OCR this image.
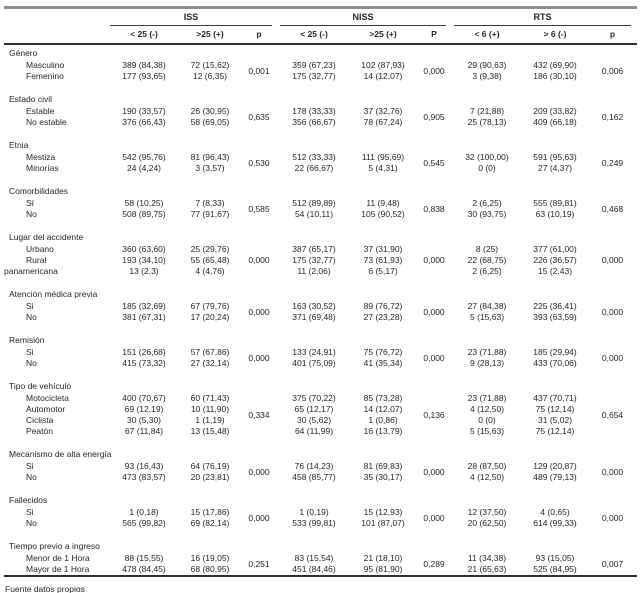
	ISS			NISS			RTS		

	< 25 (-)	>25 (+)	p	< 25 (-)	>25 (+)	P	< 6 (+)	> 6 (-)	p
Género									
Masculino	389 (84,38)	72 (15,62)	0,001	359 (67,23)	102 (87,93)	0,000	29 (90,63)	432 (69,90)	0,006
Femenino	177 (93,65)	12 (6,35)		175 (32,77)	14 (12,07)		3 (9,38)	186 (30,10)	
Estado civil									
Estable	190 (33,57)	26 (30,95)	0,635	178 (33,33)	37 (32,76)	0,905	7 (21,88)	209 (33,82)	0,162
No estable	376 (66,43)	58 (69,05)		356 (66,67)	78 (67,24)		25 (78,13)	409 (66,18)	
Etnia									
Mestiza	542 (95,76)	81 (96,43)	0,530	512 (33,33)	111 (95,69)	0,545	32 (100,00)	591 (95,63)	0,249
Minorías	24 (4,24)	3 (3,57)		22 (66,67)	5 (4,31)		0 (0)	27 (4,37)	
Comorbilidades									
Sí	58 (10,25)	7 (8,33)	0,585	512 (89,89)	11 (9,48)	0,838	2 (6,25)	555 (89,81)	0,468
No	508 (89,75)	77 (91,67)		54 (10,11)	105 (90,52)		30 (93,75)	63 (10,19)	
Lugar del accidente									
Urbano	360 (63,60)	25 (29,76)	0,000	387 (65,17)	37 (31,90)	0,000	8 (25)	377 (61,00)	0,000
Rural	193 (34,10)	55 (65,48)		175 (32,77)	73 (61,93)		22 (68,75)	226 (36,57)	
panamericana	13 (2,3)	4 (4,76)		11 (2,06)	6 (5,17)		2 (6,25)	15 (2,43)	
Atención médica previa									
Si	185 (32,69)	67 (79,76)	0,000	163 (30,52)	89 (76,72)	0,000	27 (84,38)	225 (36,41)	0,000
No	381 (67,31)	17 (20,24)		371 (69,48)	27 (23,28)		5 (15,63)	393 (63,59)	
Remisión									
Si	151 (26,68)	57 (67,86)	0,000	133 (24,91)	75 (76,72)	0,000	23 (71,88)	185 (29,94)	0,000
No	415 (73,32)	27 (32,14)		401 (75,09)	41 (35,34)		9 (28,13)	433 (70,06)	
Tipo de vehículo									
Motocicleta	400 (70,67)	60 (71,43)	0,334	375 (70,22)	85 (73,28)	0,136	23 (71,88)	437 (70,71)	0,654
Automotor	69 (12,19)	10 (11,90)		65 (12,17)	14 (12,07)		4 (12,50)	75 (12,14)	
Ciclista	30 (5,30)	1 (1,19)		30 (5,62)	1 (0,86)		0 (0)	31 (5,02)	
Peatón	67 (11,84)	13 (15,48)		64 (11,99)	16 (13,79)		5 (15,63)	75 (12,14)	
Mecanismo de alta energía									
Si	93 (16,43)	64 (76,19)	0,000	76 (14,23)	81 (69,83)	0,000	28 (87,50)	129 (20,87)	0,000
No	473 (83,57)	20 (23,81)		458 (85,77)	35 (30,17)		4 (12,50)	489 (79,13)	
Fallecidos									
Si	1 (0,18)	15 (17,86)	0,000	1 (0,19)	15 (12,93)	0,000	12 (37,50)	4 (0,65)	0,000
No	565 (99,82)	69 (82,14)		533 (99,81)	101 (87,07)		20 (62,50)	614 (99,33)	
Tiempo previo a ingreso									
Menor de 1 Hora	88 (15,55)	16 (19,05)	0,251	83 (15,54)	21 (18,10)	0,289	11 (34,38)	93 (15,05)	0,007
Mayor de 1 Hora	478 (84,45)	68 (80,95)		451 (84,46)	95 (81,90)		21 (65,63)	525 (84,95)	
Fuente datos propios
